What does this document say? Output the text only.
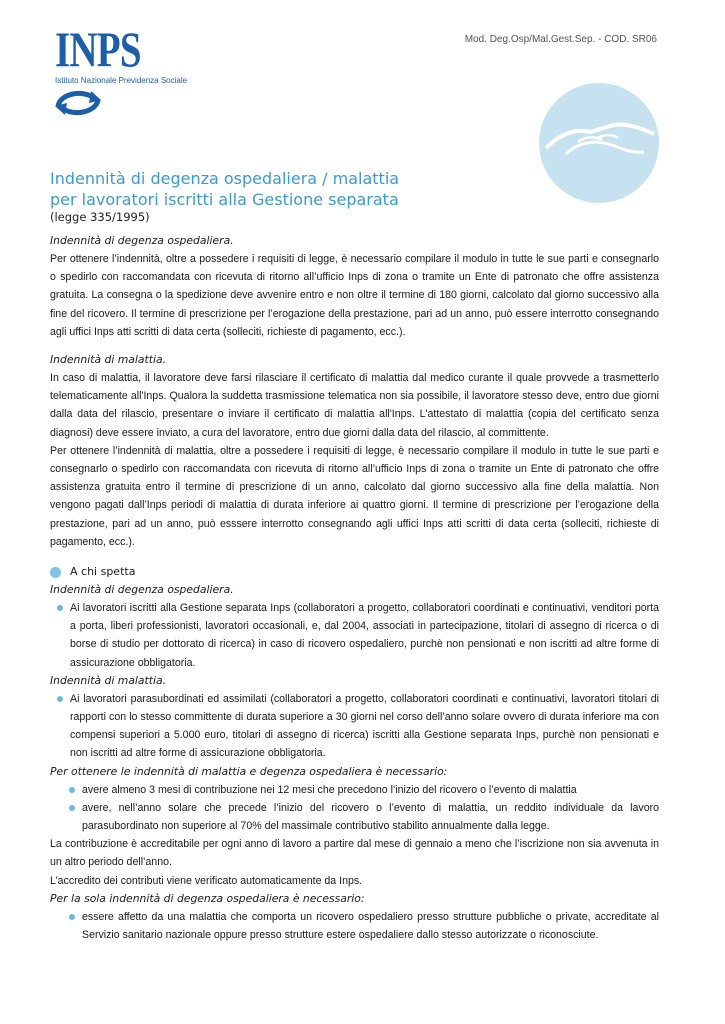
INPS
Istituto Nazionale Previdenza Sociale
Mod. Deg.Osp/Mal.Gest.Sep. - COD. SR06
Indennità di degenza ospedaliera / malattia
per lavoratori iscritti alla Gestione separata
(legge 335/1995)
Indennità di degenza ospedaliera.

Per ottenere l’indennità, oltre a possedere i requisiti di legge, è necessario compilare il modulo in tutte le sue parti e consegnarlo o spedirlo con raccomandata con ricevuta di ritorno all’ufficio Inps di zona o tramite un Ente di patronato che offre assistenza gratuita. La consegna o la spedizione deve avvenire entro e non oltre il termine di 180 giorni, calcolato dal giorno successivo alla fine del ricovero. Il termine di prescrizione per l’erogazione della prestazione, pari ad un anno, può essere interrotto consegnando agli uffici Inps atti scritti di data certa (solleciti, richieste di pagamento, ecc.).

Indennità di malattia.

In caso di malattia, il lavoratore deve farsi rilasciare il certificato di malattia dal medico curante il quale provvede a trasmetterlo telematicamente all'Inps. Qualora la suddetta trasmissione telematica non sia possibile, il lavoratore stesso deve, entro due giorni dalla data del rilascio, presentare o inviare il certificato di malattia all'Inps. L'attestato di malattia (copia del certificato senza diagnosi) deve essere inviato, a cura del lavoratore, entro due giorni dalla data del rilascio, al committente.

Per ottenere l’indennità di malattia, oltre a possedere i requisiti di legge, è necessario compilare il modulo in tutte le sue parti e consegnarlo o spedirlo con raccomandata con ricevuta di ritorno all’ufficio Inps di zona o tramite un Ente di patronato che offre assistenza gratuita entro il termine di prescrizione di un anno, calcolato dal giorno successivo alla fine della malattia. Non vengono pagati dall’Inps periodi di malattia di durata inferiore ai quattro giorni. Il termine di prescrizione per l’erogazione della prestazione, pari ad un anno, può esssere interrotto consegnando agli uffici Inps atti scritti di data certa (solleciti, richieste di pagamento, ecc.).

A chi spetta
Indennità di degenza ospedaliera.
Ai lavoratori iscritti alla Gestione separata Inps (collaboratori a progetto, collaboratori coordinati e continuativi, venditori porta a porta, liberi professionisti, lavoratori occasionali, e, dal 2004, associati in partecipazione, titolari di assegno di ricerca o di borse di studio per dottorato di ricerca) in caso di ricovero ospedaliero, purchè non pensionati e non iscritti ad altre forme di assicurazione obbligatoria.
Indennità di malattia.
Ai lavoratori parasubordinati ed assimilati (collaboratori a progetto, collaboratori coordinati e continuativi, lavoratori titolari di rapporti con lo stesso committente di durata superiore a 30 giorni nel corso dell’anno solare ovvero di durata inferiore ma con compensi superiori a 5.000 euro, titolari di assegno di ricerca) iscritti alla Gestione separata Inps, purchè non pensionati e non iscritti ad altre forme di assicurazione obbligatoria.
Per ottenere le indennità di malattia e degenza ospedaliera è necessario:
avere almeno 3 mesi di contribuzione nei 12 mesi che precedono l’inizio del ricovero o l’evento di malattia
avere, nell’anno solare che precede l’inizio del ricovero o l’evento di malattia, un reddito individuale da lavoro parasubordinato non superiore al 70% del massimale contributivo stabilito annualmente dalla legge.

La contribuzione è accreditabile per ogni anno di lavoro a partire dal mese di gennaio a meno che l’iscrizione non sia avvenuta in un altro periodo dell’anno.

L’accredito dei contributi viene verificato automaticamente da Inps.

Per la sola indennità di degenza ospedaliera è necessario:
essere affetto da una malattia che comporta un ricovero ospedaliero presso strutture pubbliche o private, accreditate al Servizio sanitario nazionale oppure presso strutture estere ospedaliere dallo stesso autorizzate o riconosciute.
